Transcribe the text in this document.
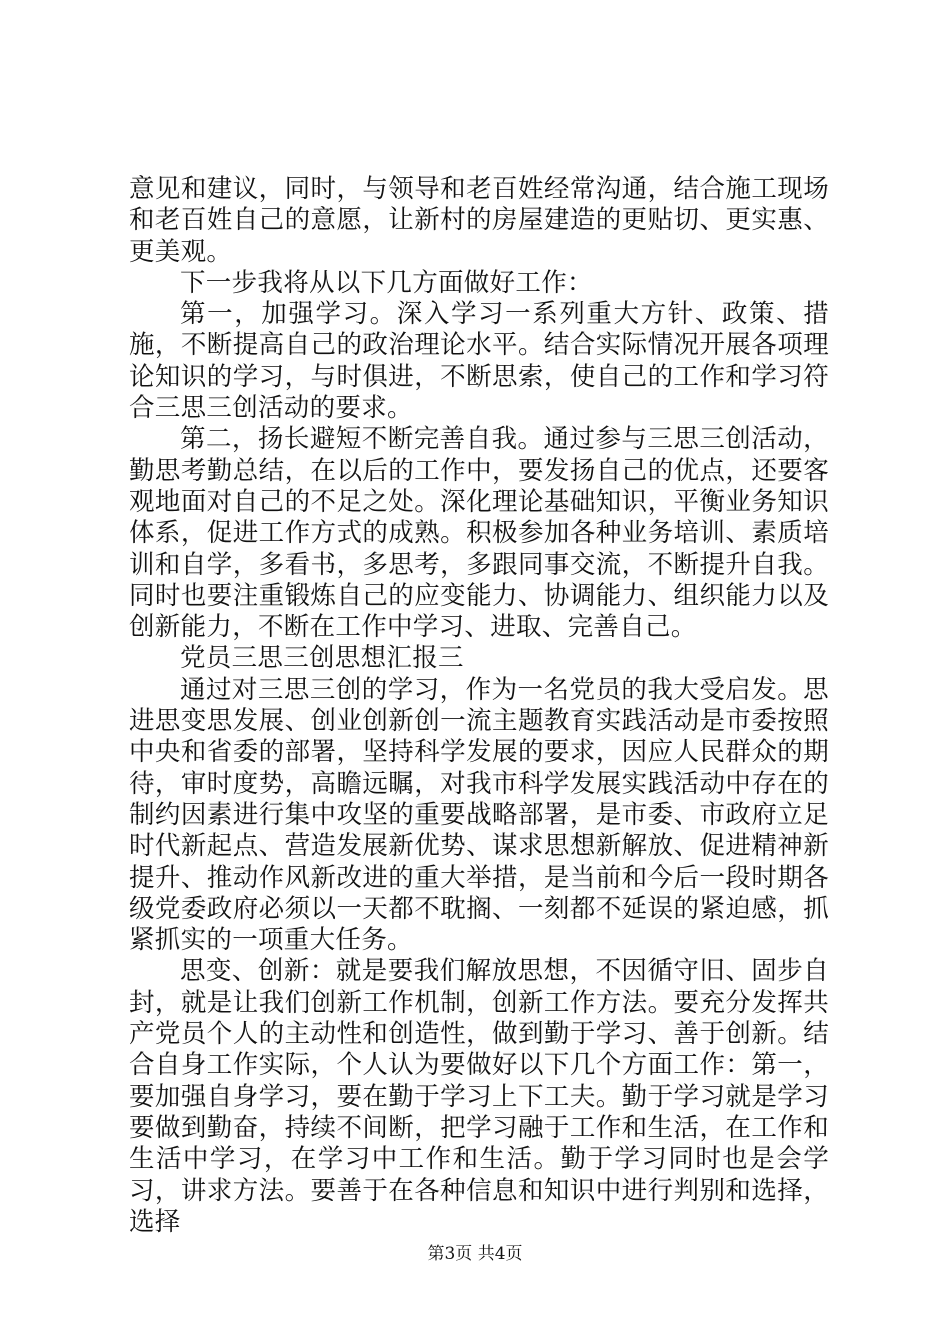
意见和建议，同时，与领导和老百姓经常沟通，结合施工现场和老百姓自己的意愿，让新村的房屋建造的更贴切、更实惠、更美观。

下一步我将从以下几方面做好工作：

第一，加强学习。深入学习一系列重大方针、政策、措施，不断提高自己的政治理论水平。结合实际情况开展各项理论知识的学习，与时俱进，不断思索，使自己的工作和学习符合三思三创活动的要求。

第二，扬长避短不断完善自我。通过参与三思三创活动，勤思考勤总结，在以后的工作中，要发扬自己的优点，还要客观地面对自己的不足之处。深化理论基础知识，平衡业务知识体系，促进工作方式的成熟。积极参加各种业务培训、素质培训和自学，多看书，多思考，多跟同事交流，不断提升自我。同时也要注重锻炼自己的应变能力、协调能力、组织能力以及创新能力，不断在工作中学习、进取、完善自己。

党员三思三创思想汇报三

通过对三思三创的学习，作为一名党员的我大受启发。思进思变思发展、创业创新创一流主题教育实践活动是市委按照中央和省委的部署，坚持科学发展的要求，因应人民群众的期待，审时度势，高瞻远瞩，对我市科学发展实践活动中存在的制约因素进行集中攻坚的重要战略部署，是市委、市政府立足时代新起点、营造发展新优势、谋求思想新解放、促进精神新提升、推动作风新改进的重大举措，是当前和今后一段时期各级党委政府必须以一天都不耽搁、一刻都不延误的紧迫感，抓紧抓实的一项重大任务。

思变、创新：就是要我们解放思想，不因循守旧、固步自封，就是让我们创新工作机制，创新工作方法。要充分发挥共产党员个人的主动性和创造性，做到勤于学习、善于创新。结合自身工作实际，个人认为要做好以下几个方面工作：第一，要加强自身学习，要在勤于学习上下工夫。勤于学习就是学习要做到勤奋，持续不间断，把学习融于工作和生活，在工作和生活中学习，在学习中工作和生活。勤于学习同时也是会学习，讲求方法。要善于在各种信息和知识中进行判别和选择，选择

第3页 共4页
